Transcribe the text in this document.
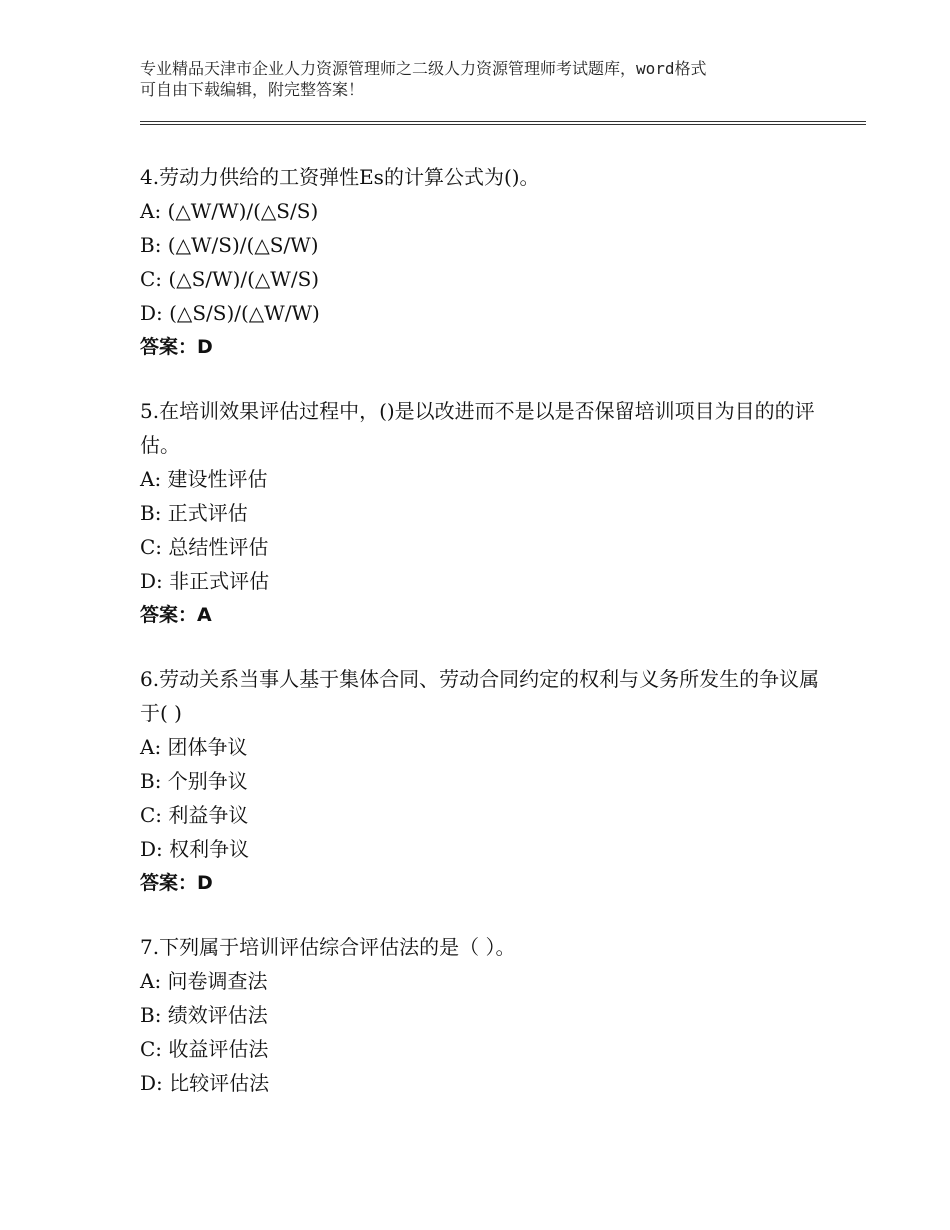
专业精品天津市企业人力资源管理师之二级人力资源管理师考试题库，word格式
可自由下载编辑，附完整答案！
4.劳动力供给的工资弹性Es的计算公式为()。
A: (△W/W)/(△S/S)
B: (△W/S)/(△S/W)
C: (△S/W)/(△W/S)
D: (△S/S)/(△W/W)
答案：D
5.在培训效果评估过程中，()是以改进而不是以是否保留培训项目为目的的评估。
A: 建设性评估
B: 正式评估
C: 总结性评估
D: 非正式评估
答案：A
6.劳动关系当事人基于集体合同、劳动合同约定的权利与义务所发生的争议属于( )
A: 团体争议
B: 个别争议
C: 利益争议
D: 权利争议
答案：D
7.下列属于培训评估综合评估法的是（ ）。
A: 问卷调查法
B: 绩效评估法
C: 收益评估法
D: 比较评估法
